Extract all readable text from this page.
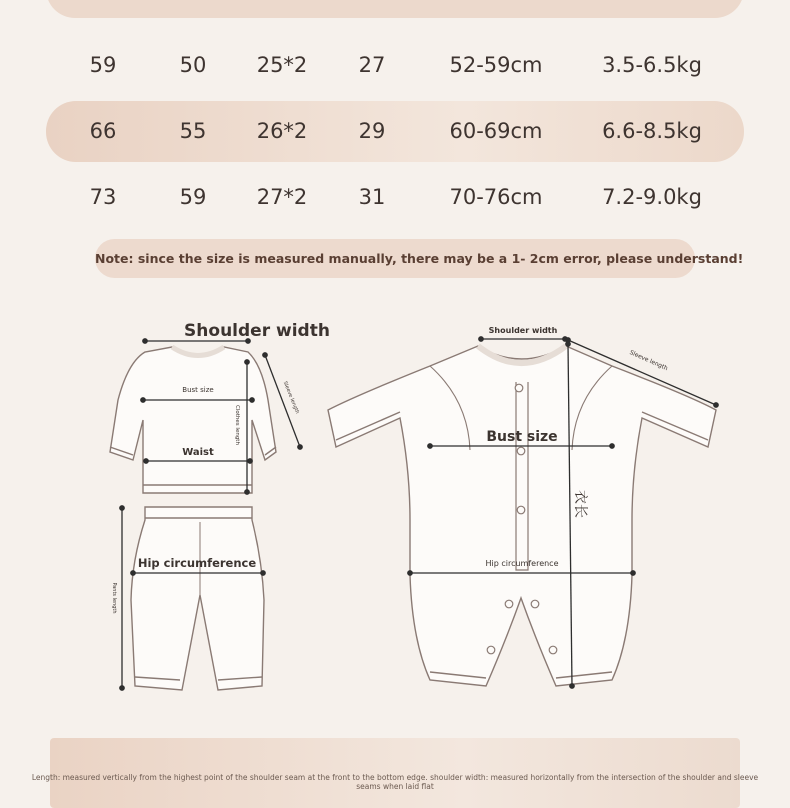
59	50 25*2 27	52-59cm	3.5-6.5kg
66	55 26*2 29	60-69cm	6.6-8.5kg
73	59 27*2 31	70-76cm	7.2-9.0kg
Note: since the size is measured manually, there may be a 1- 2cm error, please understand!
Shoulder width
Bust size
Clothes length
Sleeve length
Waist
Hip circumference
Pants length
Shoulder width
Sleeve length
Bust size
衣长
Hip circumference
Length: measured vertically from the highest point of the shoulder seam at the front to the bottom edge. shoulder width: measured horizontally from the intersection of the shoulder and sleeve seams when laid flat
